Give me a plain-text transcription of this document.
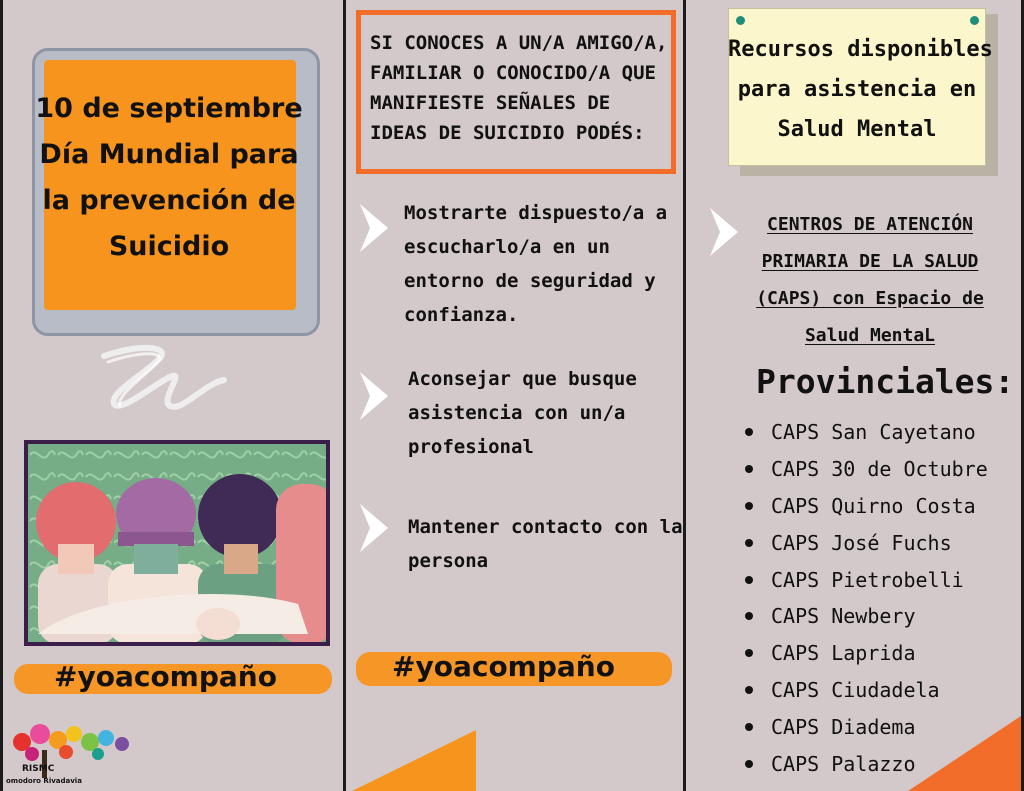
10 de septiembre
Día Mundial para
la prevención de
Suicidio
#yoacompaño
RISMC
omodoro Rivadavia
SI CONOCES A UN/A AMIGO/A,
FAMILIAR O CONOCIDO/A QUE
MANIFIESTE SEÑALES DE
IDEAS DE SUICIDIO PODÉS:
Mostrarte dispuesto/a a
escucharlo/a en un
entorno de seguridad y
confianza.
Aconsejar que busque
asistencia con un/a
profesional
Mantener contacto con la
persona
#yoacompaño
Recursos disponibles
para asistencia en
Salud Mental
CENTROS DE ATENCIÓN
PRIMARIA DE LA SALUD
(CAPS) con Espacio de
Salud MentaL
Provinciales:
CAPS San Cayetano
CAPS 30 de Octubre
CAPS Quirno Costa
CAPS José Fuchs
CAPS Pietrobelli
CAPS Newbery
CAPS Laprida
CAPS Ciudadela
CAPS Diadema
CAPS Palazzo
